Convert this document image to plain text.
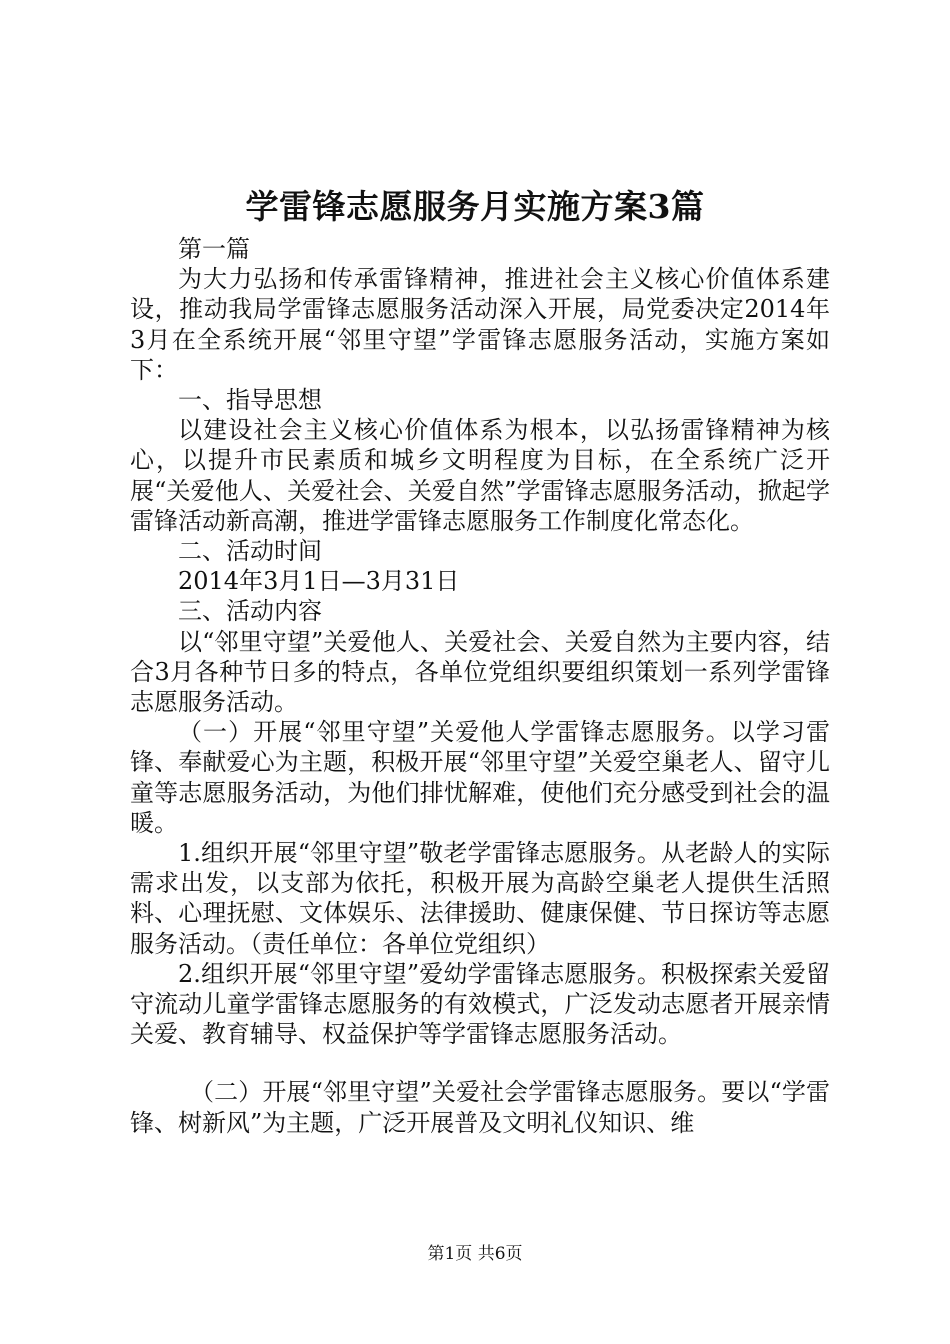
学雷锋志愿服务月实施方案3篇

第一篇

为大力弘扬和传承雷锋精神，推进社会主义核心价值体系建设，推动我局学雷锋志愿服务活动深入开展，局党委决定2014年3月在全系统开展“邻里守望”学雷锋志愿服务活动，实施方案如下：

一、指导思想

以建设社会主义核心价值体系为根本，以弘扬雷锋精神为核心，以提升市民素质和城乡文明程度为目标，在全系统广泛开展“关爱他人、关爱社会、关爱自然”学雷锋志愿服务活动，掀起学雷锋活动新高潮，推进学雷锋志愿服务工作制度化常态化。

二、活动时间

2014年3月1日—3月31日

三、活动内容

以“邻里守望”关爱他人、关爱社会、关爱自然为主要内容，结合3月各种节日多的特点，各单位党组织要组织策划一系列学雷锋志愿服务活动。

（一）开展“邻里守望”关爱他人学雷锋志愿服务。以学习雷锋、奉献爱心为主题，积极开展“邻里守望”关爱空巢老人、留守儿童等志愿服务活动，为他们排忧解难，使他们充分感受到社会的温暖。

1.组织开展“邻里守望”敬老学雷锋志愿服务。从老龄人的实际需求出发，以支部为依托，积极开展为高龄空巢老人提供生活照料、心理抚慰、文体娱乐、法律援助、健康保健、节日探访等志愿服务活动。（责任单位：各单位党组织）

2.组织开展“邻里守望”爱幼学雷锋志愿服务。积极探索关爱留守流动儿童学雷锋志愿服务的有效模式，广泛发动志愿者开展亲情关爱、教育辅导、权益保护等学雷锋志愿服务活动。

（二）开展“邻里守望”关爱社会学雷锋志愿服务。要以“学雷锋、树新风”为主题，广泛开展普及文明礼仪知识、维

第1页 共6页
